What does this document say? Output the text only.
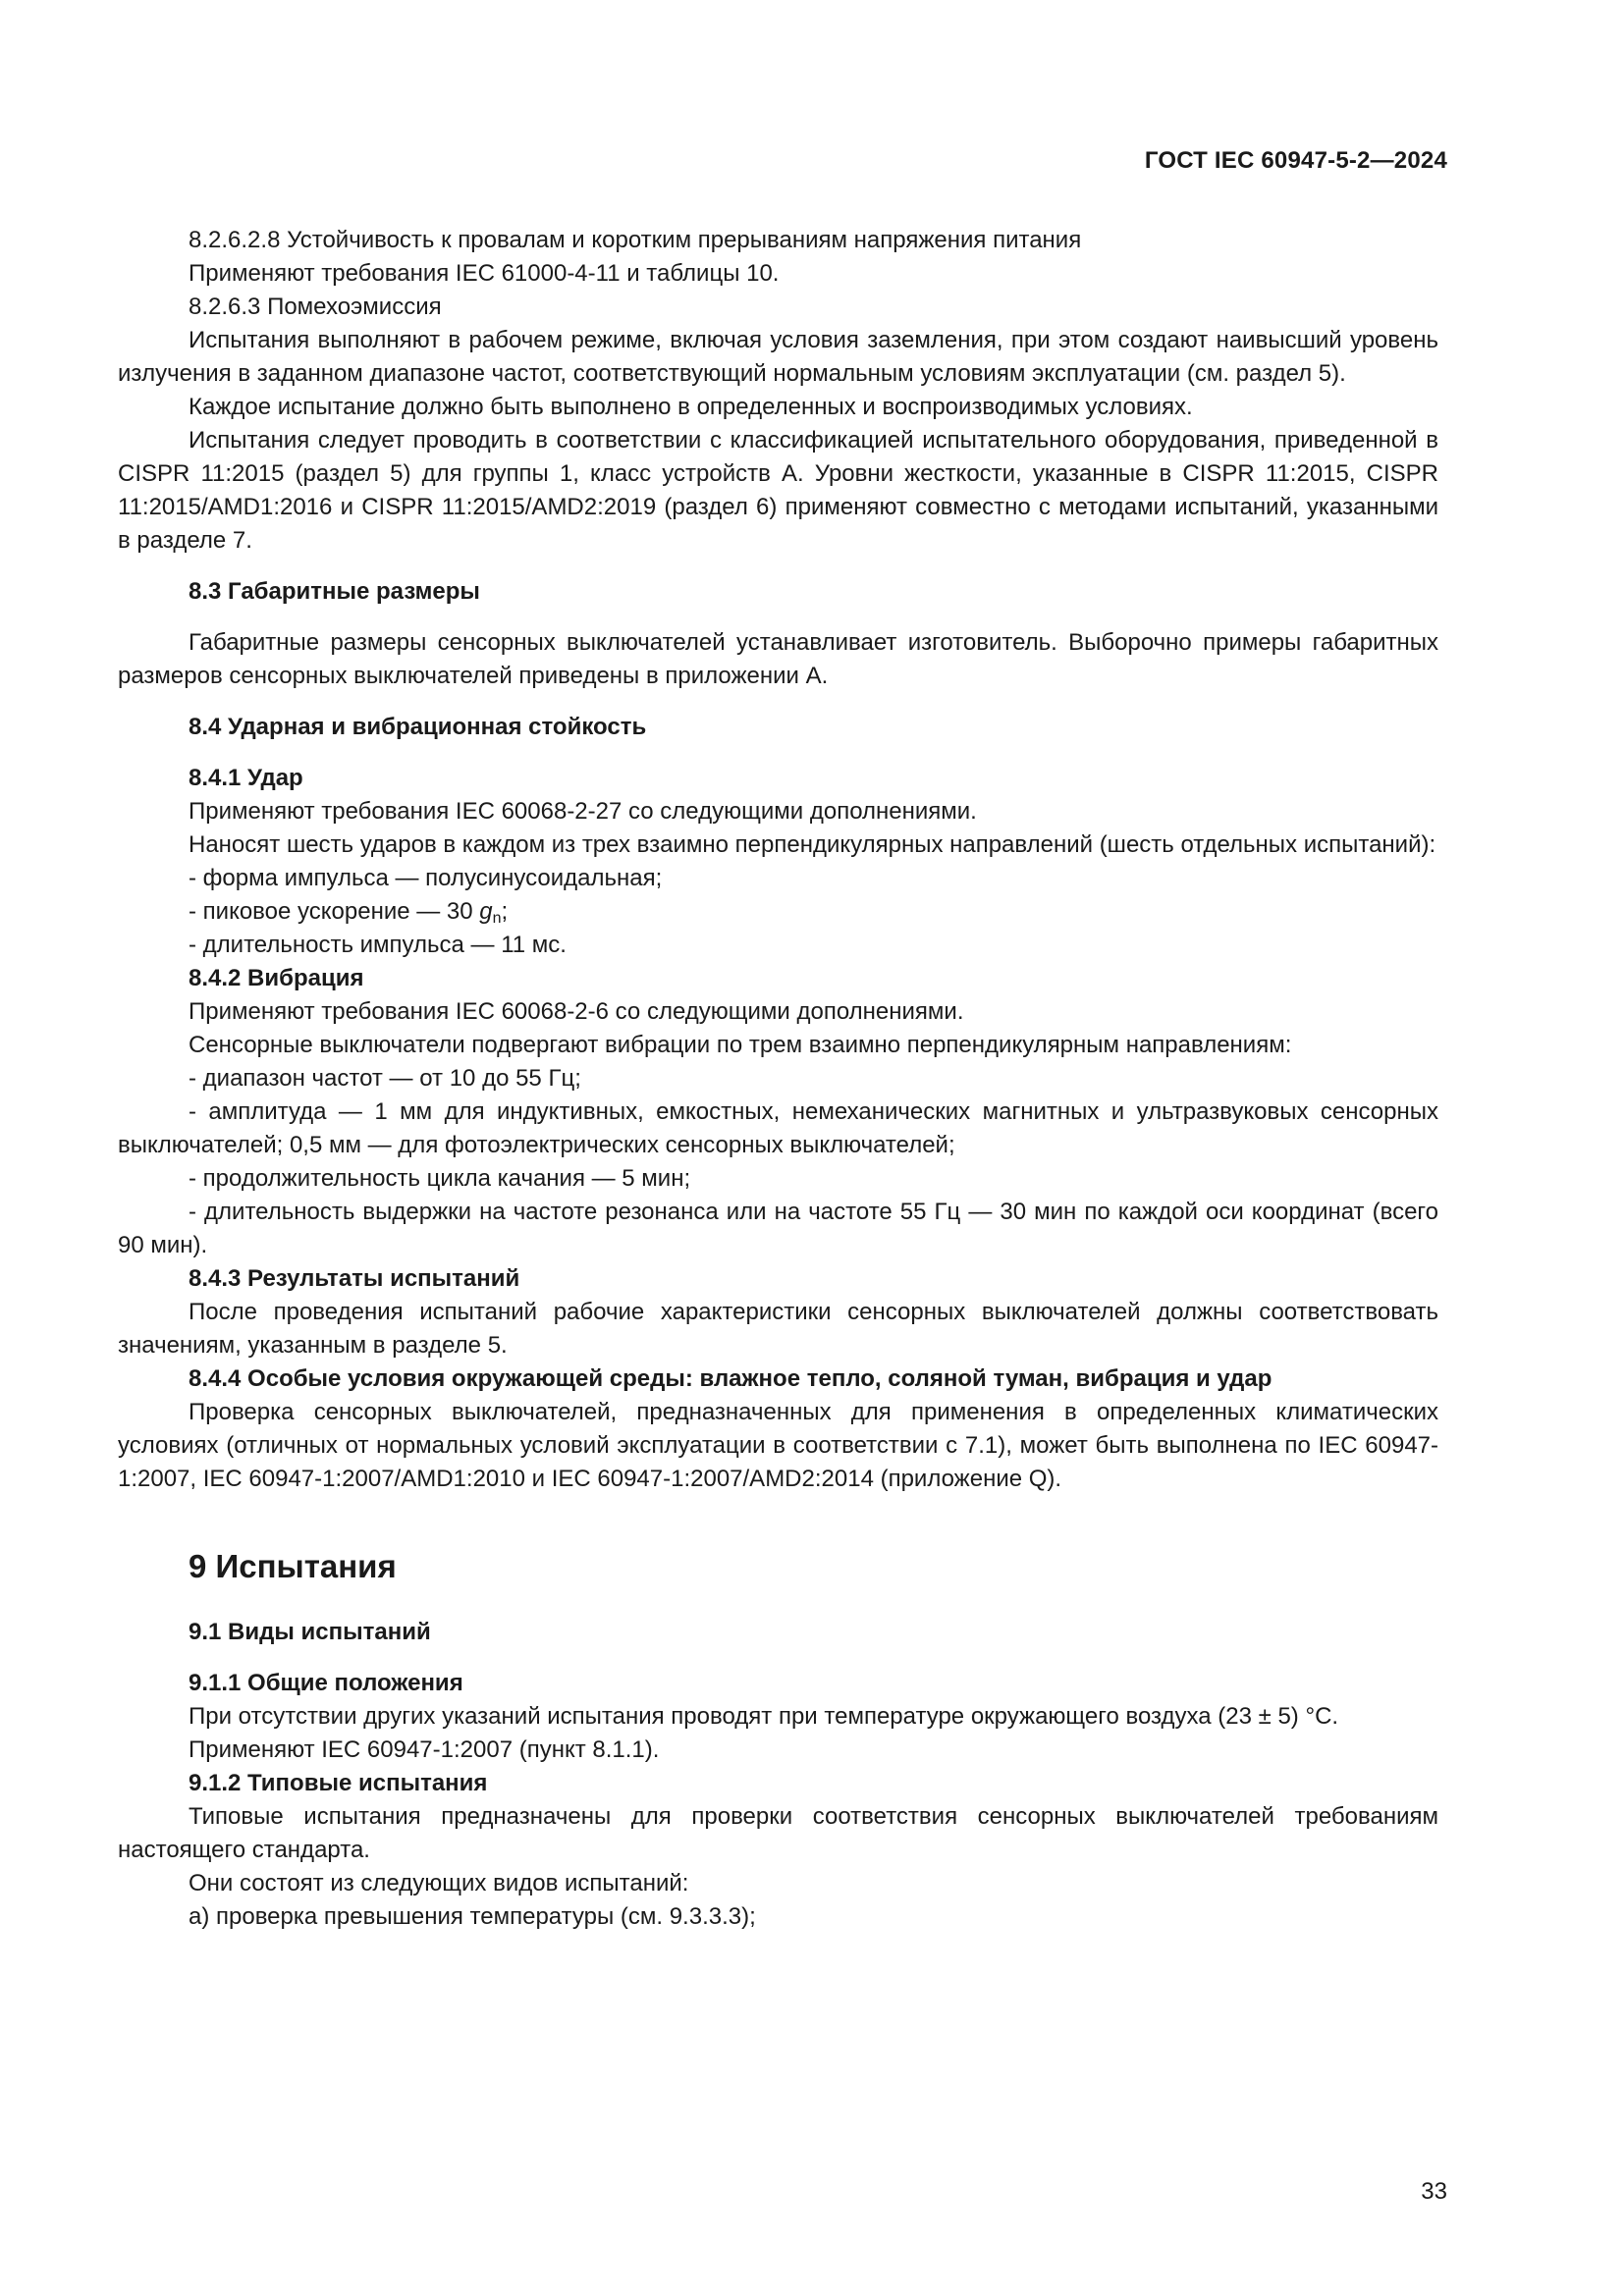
ГОСТ IEC 60947-5-2—2024

8.2.6.2.8 Устойчивость к провалам и коротким прерываниям напряжения питания

Применяют требования IEC 61000-4-11 и таблицы 10.

8.2.6.3 Помехоэмиссия

Испытания выполняют в рабочем режиме, включая условия заземления, при этом создают наивысший уровень излучения в заданном диапазоне частот, соответствующий нормальным условиям эксплуатации (см. раздел 5).

Каждое испытание должно быть выполнено в определенных и воспроизводимых условиях.

Испытания следует проводить в соответствии с классификацией испытательного оборудования, приведенной в CISPR 11:2015 (раздел 5) для группы 1, класс устройств А. Уровни жесткости, указанные в CISPR 11:2015, CISPR 11:2015/AMD1:2016 и CISPR 11:2015/AMD2:2019 (раздел 6) применяют совместно с методами испытаний, указанными в разделе 7.

8.3 Габаритные размеры

Габаритные размеры сенсорных выключателей устанавливает изготовитель. Выборочно примеры габаритных размеров сенсорных выключателей приведены в приложении А.

8.4 Ударная и вибрационная стойкость
8.4.1 Удар

Применяют требования IEC 60068-2-27 со следующими дополнениями.

Наносят шесть ударов в каждом из трех взаимно перпендикулярных направлений (шесть отдельных испытаний):

- форма импульса — полусинусоидальная;
- пиковое ускорение — 30 $g_n$;
- длительность импульса — 11 мс.
8.4.2 Вибрация

Применяют требования IEC 60068-2-6 со следующими дополнениями.

Сенсорные выключатели подвергают вибрации по трем взаимно перпендикулярным направлениям:

- диапазон частот — от 10 до 55 Гц;

- амплитуда — 1 мм для индуктивных, емкостных, немеханических магнитных и ультразвуковых сенсорных выключателей; 0,5 мм — для фотоэлектрических сенсорных выключателей;

- продолжительность цикла качания — 5 мин;

- длительность выдержки на частоте резонанса или на частоте 55 Гц — 30 мин по каждой оси координат (всего 90 мин).

8.4.3 Результаты испытаний

После проведения испытаний рабочие характеристики сенсорных выключателей должны соответствовать значениям, указанным в разделе 5.

8.4.4 Особые условия окружающей среды: влажное тепло, соляной туман, вибрация и удар

Проверка сенсорных выключателей, предназначенных для применения в определенных климатических условиях (отличных от нормальных условий эксплуатации в соответствии с 7.1), может быть выполнена по IEC 60947-1:2007, IEC 60947-1:2007/AMD1:2010 и IEC 60947-1:2007/AMD2:2014 (приложение Q).

9 Испытания
9.1 Виды испытаний
9.1.1 Общие положения

При отсутствии других указаний испытания проводят при температуре окружающего воздуха (23 ± 5) °С.

Применяют IEC 60947-1:2007 (пункт 8.1.1).

9.1.2 Типовые испытания

Типовые испытания предназначены для проверки соответствия сенсорных выключателей требованиям настоящего стандарта.

Они состоят из следующих видов испытаний:

а) проверка превышения температуры (см. 9.3.3.3);
33
